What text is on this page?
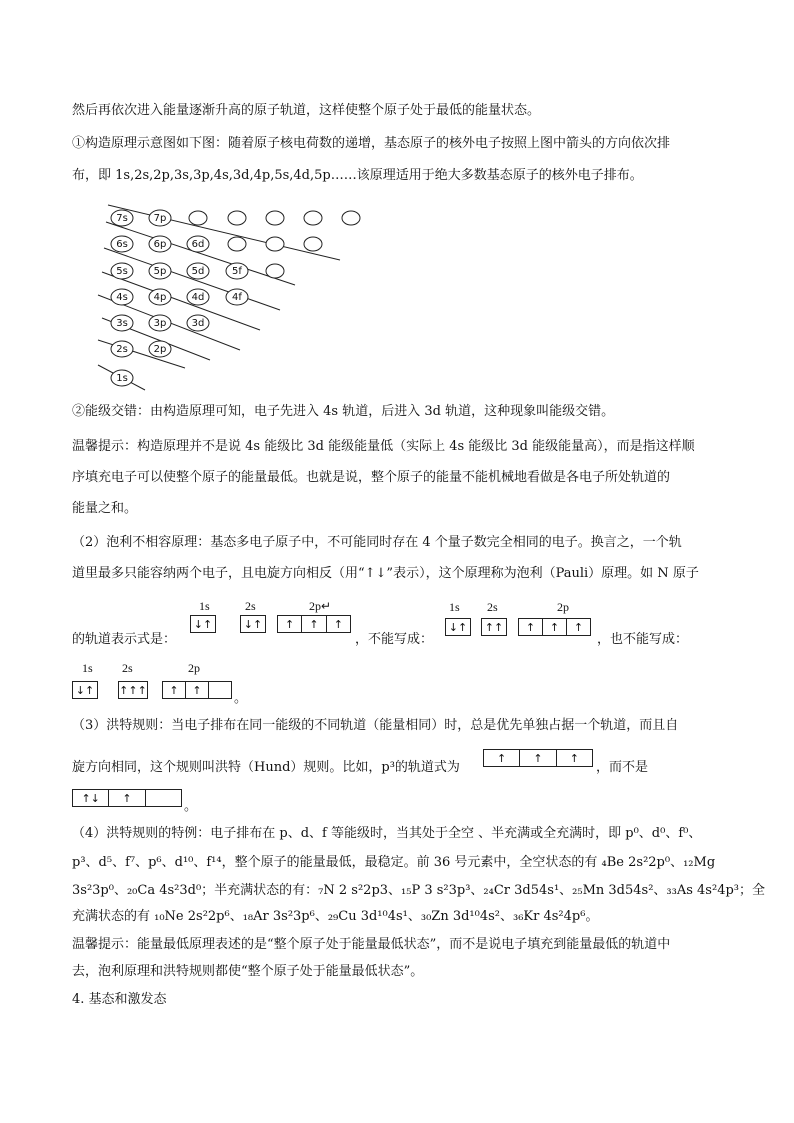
然后再依次进入能量逐渐升高的原子轨道，这样使整个原子处于最低的能量状态。
①构造原理示意图如下图：随着原子核电荷数的递增，基态原子的核外电子按照上图中箭头的方向依次排
布，即 1s,2s,2p,3s,3p,4s,3d,4p,5s,4d,5p……该原理适用于绝大多数基态原子的核外电子排布。
7s	7p
6s	6p	6d
5s	5p	5d	5f
4s	4p	4d	4f
3s	3p	3d
2s	2p
1s
②能级交错：由构造原理可知，电子先进入 4s 轨道，后进入 3d 轨道，这种现象叫能级交错。
温馨提示：构造原理并不是说 4s 能级比 3d 能级能量低（实际上 4s 能级比 3d 能级能量高），而是指这样顺
序填充电子可以使整个原子的能量最低。也就是说，整个原子的能量不能机械地看做是各电子所处轨道的
能量之和。
（2）泡利不相容原理：基态多电子原子中，不可能同时存在 4 个量子数完全相同的电子。换言之，一个轨
道里最多只能容纳两个电子，且电旋方向相反（用“↑↓”表示），这个原理称为泡利（Pauli）原理。如 N 原子
1s	2s	2p↵
↓↑	↓↑	↑	↑	↑
的轨道表示式是：	，不能写成：
1s 2s	2p
↓↑ ↑↑	↑	↑	↑
，也不能写成：
1s 2s	2p
↓↑ ↑↑↑	↑	↑
。
（3）洪特规则：当电子排布在同一能级的不同轨道（能量相同）时，总是优先单独占据一个轨道，而且自
旋方向相同，这个规则叫洪特（Hund）规则。比如，p³的轨道式为
↑	↑	↑
，而不是
↑↓	↑
。
（4）洪特规则的特例：电子排布在 p、d、f 等能级时，当其处于全空 、半充满或全充满时，即 p⁰、d⁰、f⁰、
p³、d⁵、f⁷、p⁶、d¹⁰、f¹⁴，整个原子的能量最低，最稳定。前 36 号元素中，全空状态的有 ₄Be 2s²2p⁰、₁₂Mg
3s²3p⁰、₂₀Ca 4s²3d⁰；半充满状态的有：₇N 2 s²2p3、₁₅P 3 s²3p³、₂₄Cr 3d54s¹、₂₅Mn 3d54s²、₃₃As 4s²4p³；全
充满状态的有 ₁₀Ne 2s²2p⁶、₁₈Ar 3s²3p⁶、₂₉Cu 3d¹⁰4s¹、₃₀Zn 3d¹⁰4s²、₃₆Kr 4s²4p⁶。
温馨提示：能量最低原理表述的是“整个原子处于能量最低状态”，而不是说电子填充到能量最低的轨道中
去，泡利原理和洪特规则都使“整个原子处于能量最低状态”。
4. 基态和激发态
